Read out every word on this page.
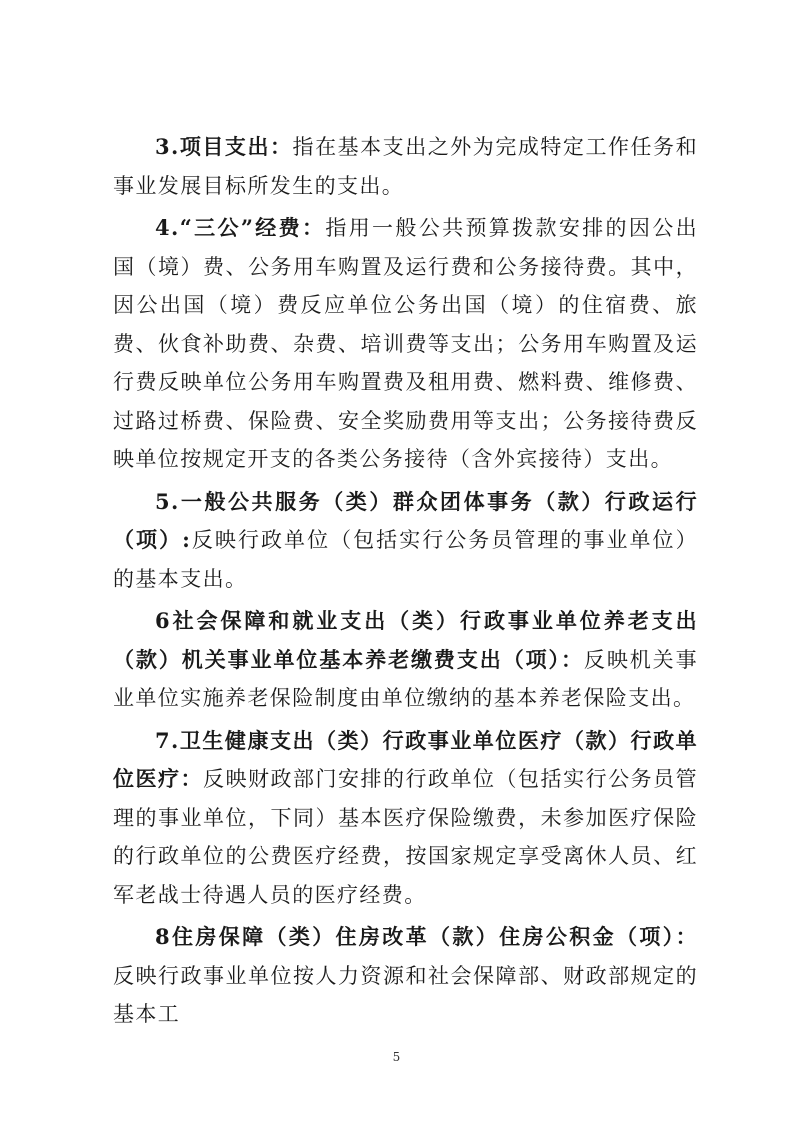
3.项目支出：指在基本支出之外为完成特定工作任务和事业发展目标所发生的支出。

4.“三公”经费：指用一般公共预算拨款安排的因公出国（境）费、公务用车购置及运行费和公务接待费。其中，因公出国（境）费反应单位公务出国（境）的住宿费、旅费、伙食补助费、杂费、培训费等支出；公务用车购置及运行费反映单位公务用车购置费及租用费、燃料费、维修费、过路过桥费、保险费、安全奖励费用等支出；公务接待费反映单位按规定开支的各类公务接待（含外宾接待）支出。

5.一般公共服务（类）群众团体事务（款）行政运行（项）:反映行政单位（包括实行公务员管理的事业单位）的基本支出。

6社会保障和就业支出（类）行政事业单位养老支出（款）机关事业单位基本养老缴费支出（项）：反映机关事业单位实施养老保险制度由单位缴纳的基本养老保险支出。

7.卫生健康支出（类）行政事业单位医疗（款）行政单位医疗：反映财政部门安排的行政单位（包括实行公务员管理的事业单位，下同）基本医疗保险缴费，未参加医疗保险的行政单位的公费医疗经费，按国家规定享受离休人员、红军老战士待遇人员的医疗经费。

8住房保障（类）住房改革（款）住房公积金（项）：反映行政事业单位按人力资源和社会保障部、财政部规定的基本工

5
